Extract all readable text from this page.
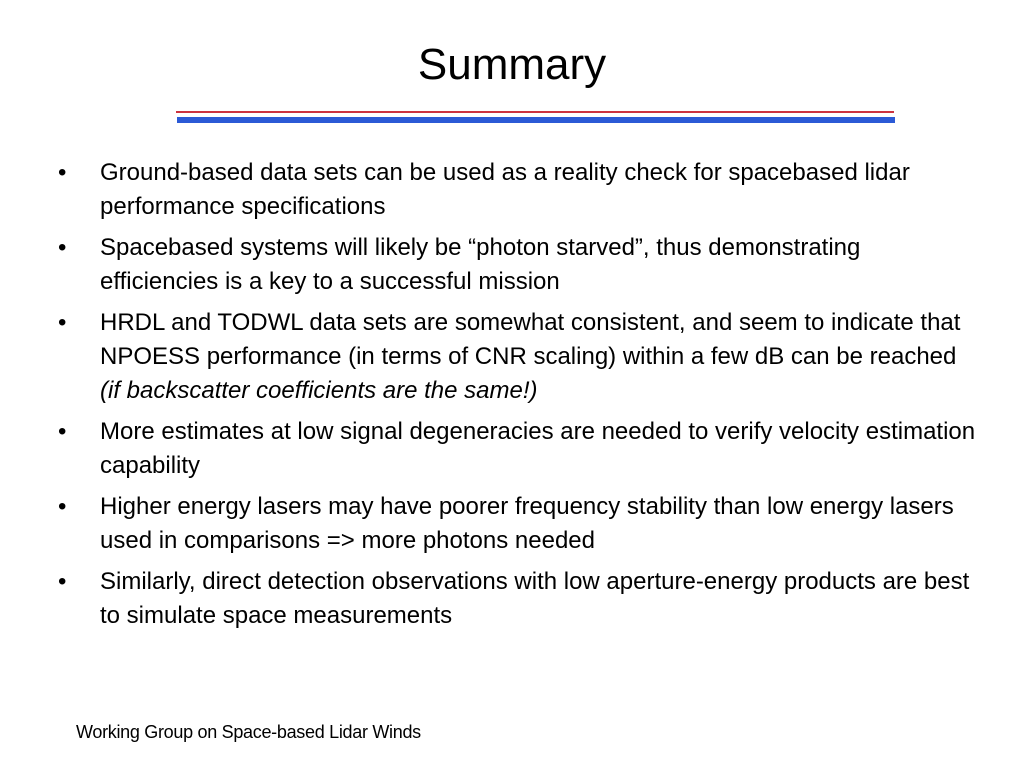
Summary
• Ground-based data sets can be used as a reality check for spacebased lidar performance specifications
• Spacebased systems will likely be “photon starved”, thus demonstrating efficiencies is a key to a successful mission
• HRDL and TODWL data sets are somewhat consistent, and seem to indicate that NPOESS performance (in terms of CNR scaling) within a few dB can be reached (if backscatter coefficients are the same!)
• More estimates at low signal degeneracies are needed to verify velocity estimation capability
• Higher energy lasers may have poorer frequency stability than low energy lasers used in comparisons => more photons needed
• Similarly, direct detection observations with low aperture-energy products are best to simulate space measurements
Working Group on Space-based Lidar Winds
